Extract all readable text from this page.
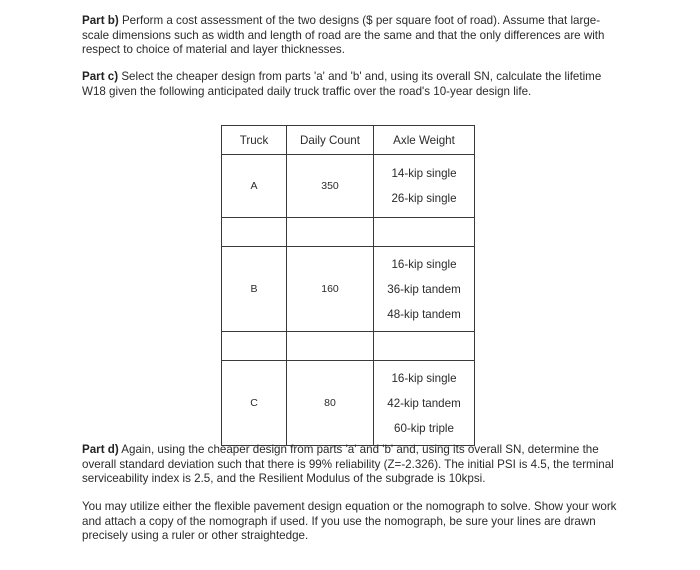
Part b) Perform a cost assessment of the two designs ($ per square foot of road). Assume that large-scale dimensions such as width and length of road are the same and that the only differences are with respect to choice of material and layer thicknesses.

Part c) Select the cheaper design from parts 'a' and 'b' and, using its overall SN, calculate the lifetime W18 given the following anticipated daily truck traffic over the road's 10-year design life.

Truck	Daily Count	Axle Weight
A	350	14-kip single
26-kip single

B	160	16-kip single
36-kip tandem
48-kip tandem

C	80	16-kip single
42-kip tandem
60-kip triple

Part d) Again, using the cheaper design from parts 'a' and 'b' and, using its overall SN, determine the overall standard deviation such that there is 99% reliability (Z=-2.326). The initial PSI is 4.5, the terminal serviceability index is 2.5, and the Resilient Modulus of the subgrade is 10kpsi.

You may utilize either the flexible pavement design equation or the nomograph to solve. Show your work and attach a copy of the nomograph if used. If you use the nomograph, be sure your lines are drawn precisely using a ruler or other straightedge.
